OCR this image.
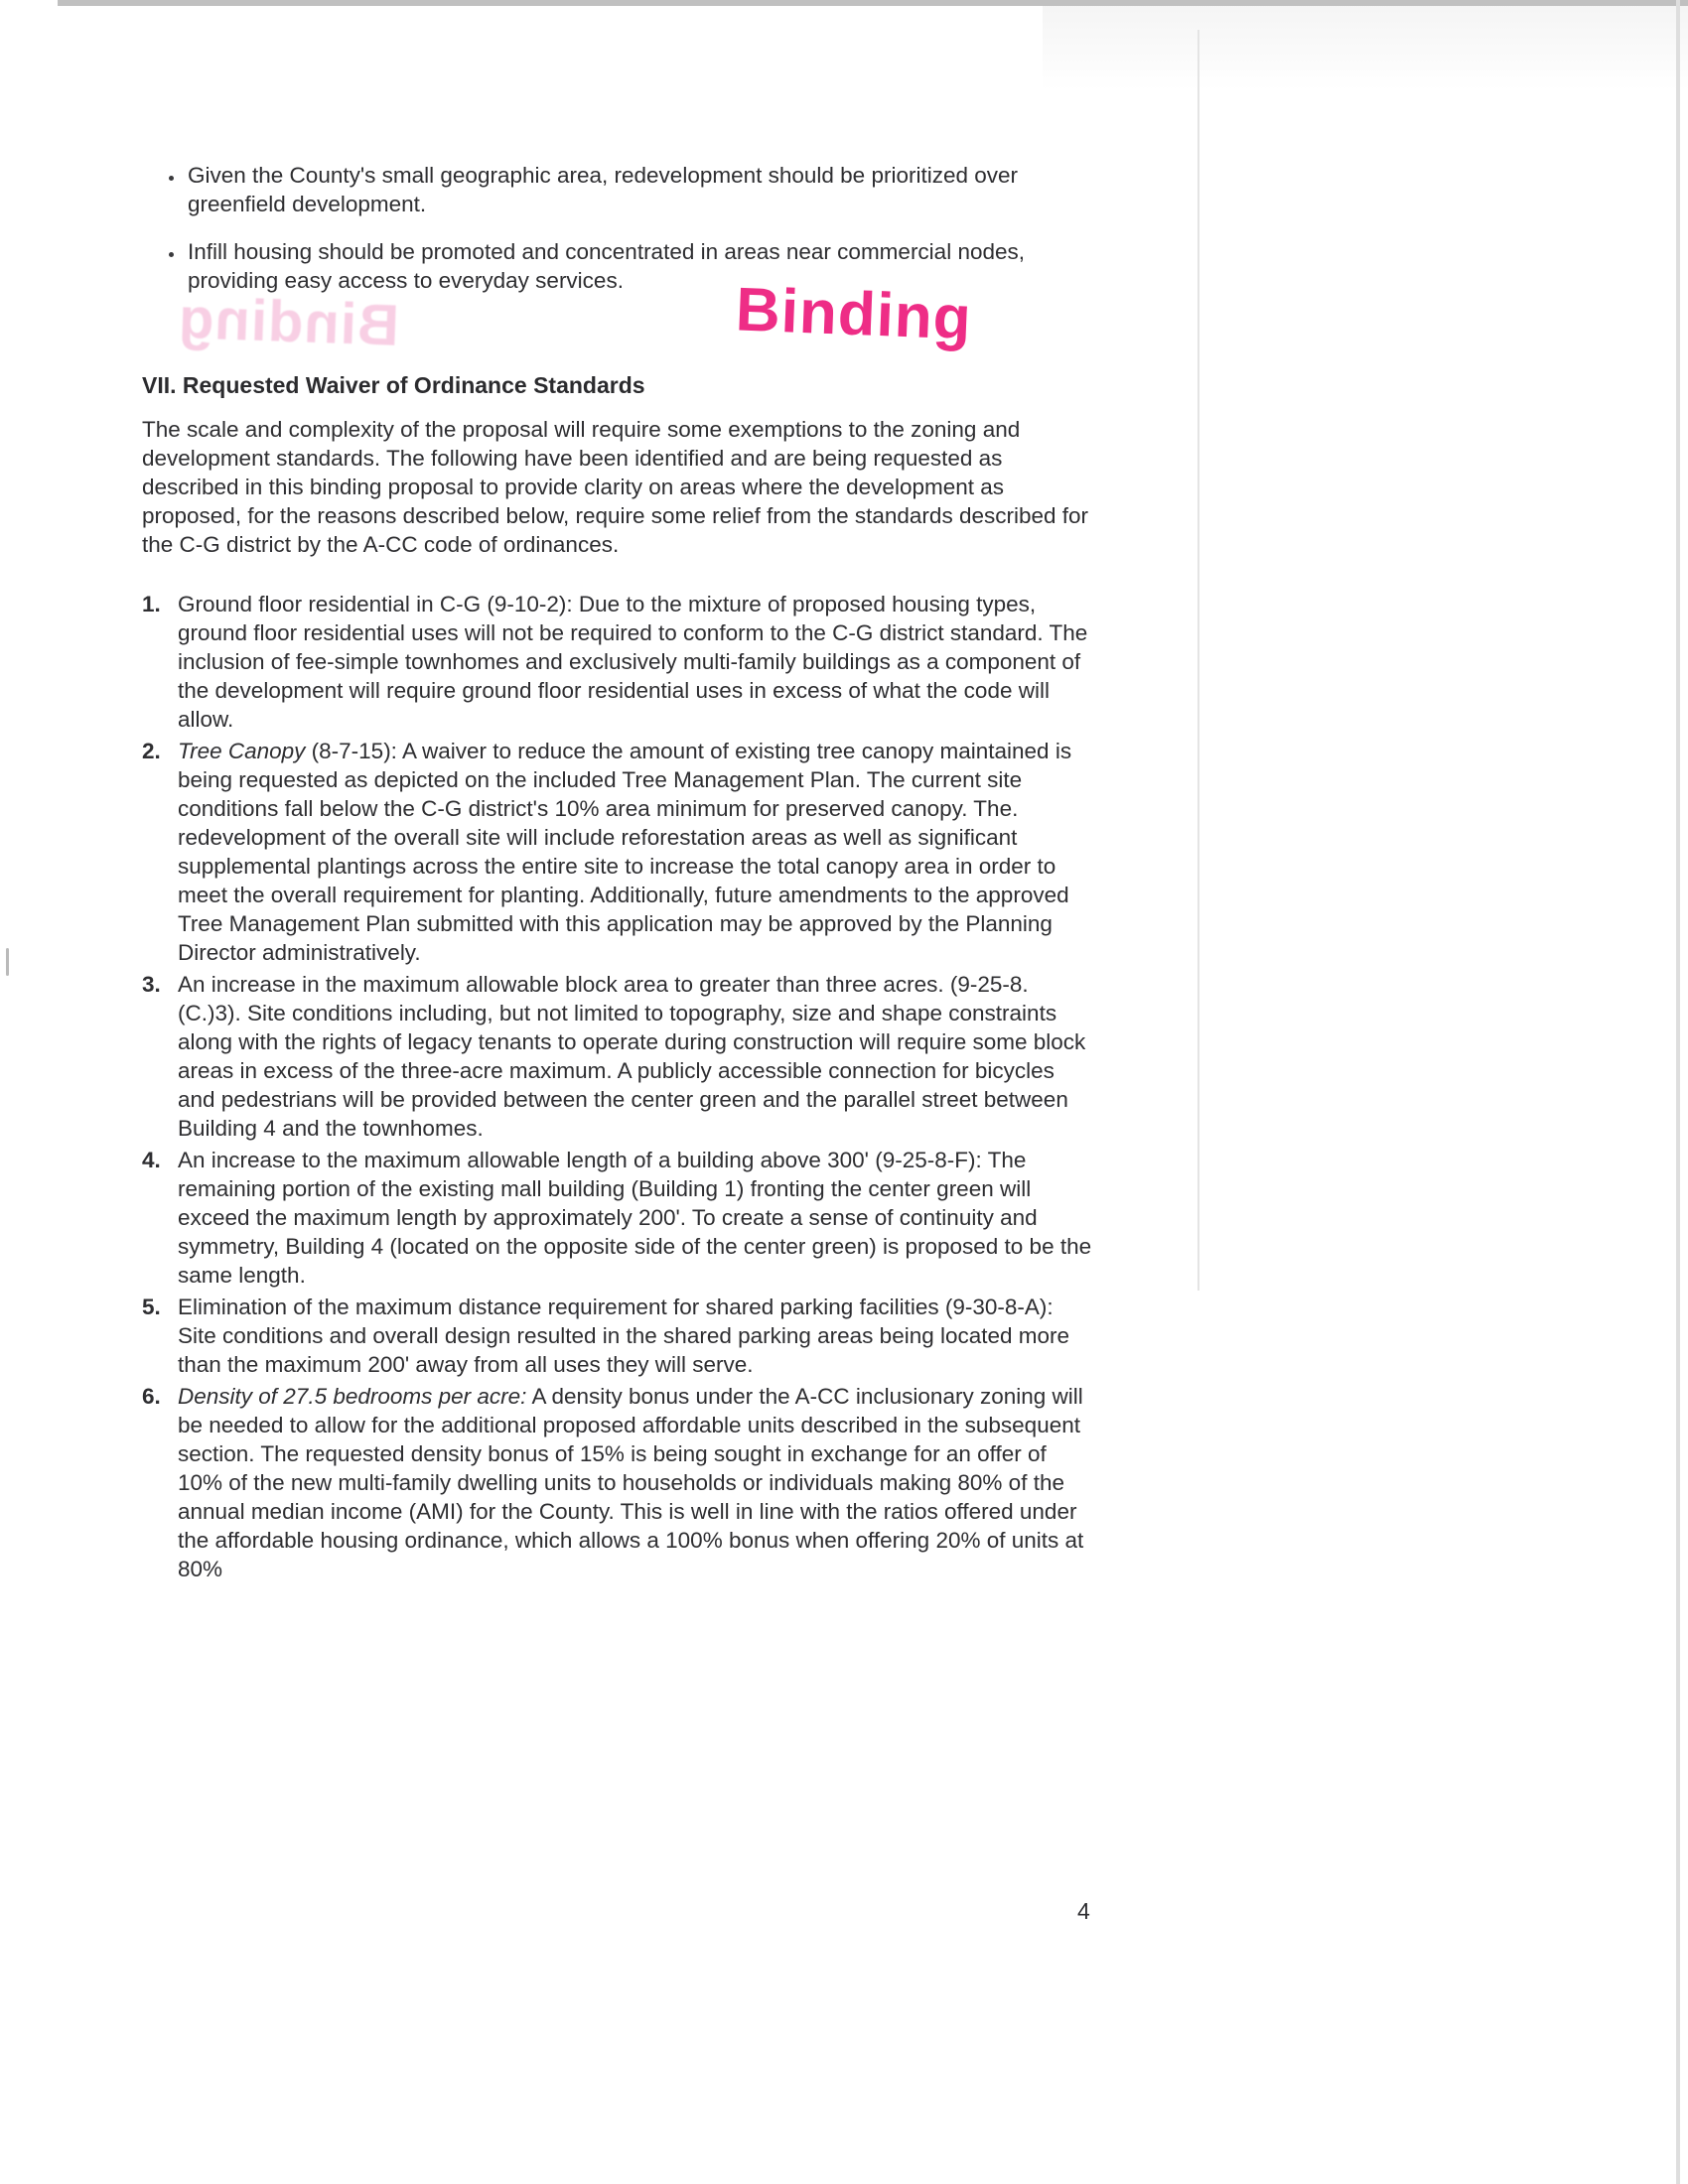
• Given the County's small geographic area, redevelopment should be prioritized over greenfield development.
• Infill housing should be promoted and concentrated in areas near commercial nodes, providing easy access to everyday services.
Binding	Binding
VII. Requested Waiver of Ordinance Standards

The scale and complexity of the proposal will require some exemptions to the zoning and development standards. The following have been identified and are being requested as described in this binding proposal to provide clarity on areas where the development as proposed, for the reasons described below, require some relief from the standards described for the C-G district by the A-CC code of ordinances.

1. Ground floor residential in C-G (9-10-2): Due to the mixture of proposed housing types, ground floor residential uses will not be required to conform to the C-G district standard. The inclusion of fee-simple townhomes and exclusively multi-family buildings as a component of the development will require ground floor residential uses in excess of what the code will allow.
2. Tree Canopy (8-7-15): A waiver to reduce the amount of existing tree canopy maintained is being requested as depicted on the included Tree Management Plan. The current site conditions fall below the C-G district's 10% area minimum for preserved canopy. The. redevelopment of the overall site will include reforestation areas as well as significant supplemental plantings across the entire site to increase the total canopy area in order to meet the overall requirement for planting. Additionally, future amendments to the approved Tree Management Plan submitted with this application may be approved by the Planning Director administratively.
3. An increase in the maximum allowable block area to greater than three acres. (9-25-8. (C.)3). Site conditions including, but not limited to topography, size and shape constraints along with the rights of legacy tenants to operate during construction will require some block areas in excess of the three-acre maximum. A publicly accessible connection for bicycles and pedestrians will be provided between the center green and the parallel street between Building 4 and the townhomes.
4. An increase to the maximum allowable length of a building above 300' (9-25-8-F): The remaining portion of the existing mall building (Building 1) fronting the center green will exceed the maximum length by approximately 200'. To create a sense of continuity and symmetry, Building 4 (located on the opposite side of the center green) is proposed to be the same length.
5. Elimination of the maximum distance requirement for shared parking facilities (9-30-8-A): Site conditions and overall design resulted in the shared parking areas being located more than the maximum 200' away from all uses they will serve.
6. Density of 27.5 bedrooms per acre: A density bonus under the A-CC inclusionary zoning will be needed to allow for the additional proposed affordable units described in the subsequent section. The requested density bonus of 15% is being sought in exchange for an offer of 10% of the new multi-family dwelling units to households or individuals making 80% of the annual median income (AMI) for the County. This is well in line with the ratios offered under the affordable housing ordinance, which allows a 100% bonus when offering 20% of units at 80%
4
